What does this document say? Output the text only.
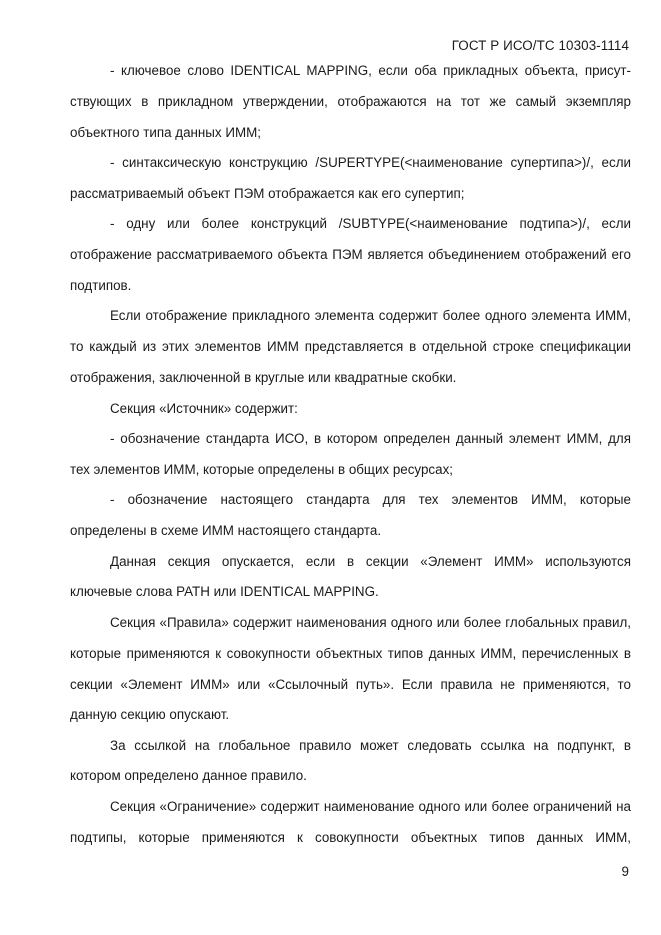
ГОСТ Р ИСО/ТС 10303-1114
- ключевое слово IDENTICAL MAPPING, если оба прикладных объекта, присут-
ствующих в прикладном утверждении, отображаются на тот же самый экземпляр
объектного типа данных ИММ;
- синтаксическую конструкцию /SUPERTYPE(<наименование супертипа>)/, если
рассматриваемый объект ПЭМ отображается как его супертип;
- одну или более конструкций /SUBTYPE(<наименование подтипа>)/, если
отображение рассматриваемого объекта ПЭМ является объединением отображений его
подтипов.
Если отображение прикладного элемента содержит более одного элемента ИММ,
то каждый из этих элементов ИММ представляется в отдельной строке спецификации
отображения, заключенной в круглые или квадратные скобки.
Секция «Источник» содержит:
- обозначение стандарта ИСО, в котором определен данный элемент ИММ, для
тех элементов ИММ, которые определены в общих ресурсах;
- обозначение настоящего стандарта для тех элементов ИММ, которые
определены в схеме ИММ настоящего стандарта.
Данная секция опускается, если в секции «Элемент ИММ» используются
ключевые слова PATH или IDENTICAL MAPPING.
Секция «Правила» содержит наименования одного или более глобальных правил,
которые применяются к совокупности объектных типов данных ИММ, перечисленных в
секции «Элемент ИММ» или «Ссылочный путь». Если правила не применяются, то
данную секцию опускают.
За ссылкой на глобальное правило может следовать ссылка на подпункт, в
котором определено данное правило.
Секция «Ограничение» содержит наименование одного или более ограничений на
подтипы, которые применяются к совокупности объектных типов данных ИММ,
9
